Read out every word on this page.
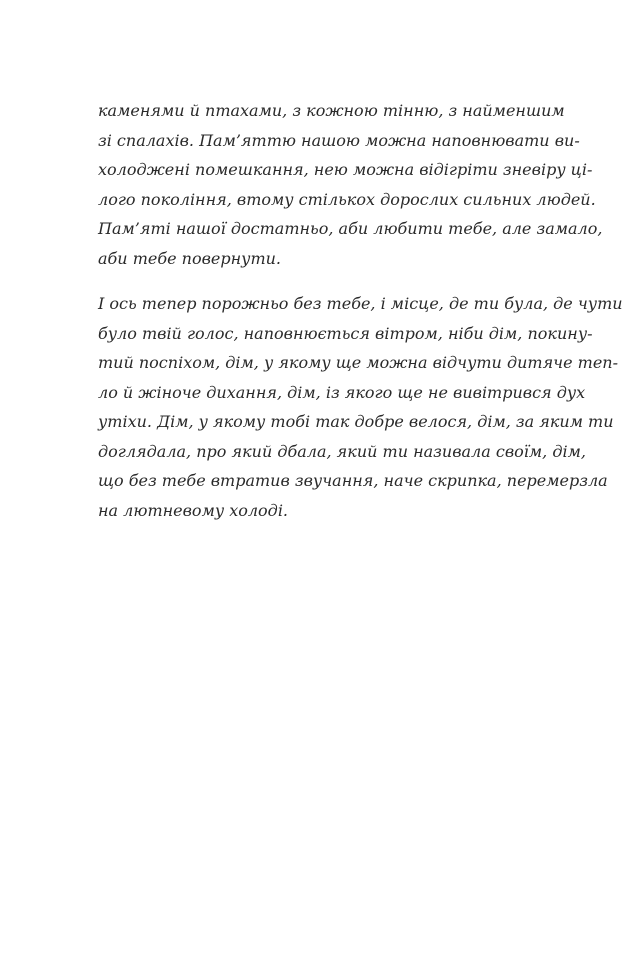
каменями й птахами, з кожною тінню, з найменшим
зі спалахів. Пам’яттю нашою можна наповнювати ви-
холоджені помешкання, нею можна відігріти зневіру ці-
лого покоління, втому стількох дорослих сильних людей.
Пам’яті нашої достатньо, аби любити тебе, але замало,
аби тебе повернути.
І ось тепер порожньо без тебе, і місце, де ти була, де чути
було твій голос, наповнюється вітром, ніби дім, покину-
тий поспіхом, дім, у якому ще можна відчути дитяче теп-
ло й жіноче дихання, дім, із якого ще не вивітрився дух
утіхи. Дім, у якому тобі так добре велося, дім, за яким ти
доглядала, про який дбала, який ти називала своїм, дім,
що без тебе втратив звучання, наче скрипка, перемерзла
на лютневому холоді.
